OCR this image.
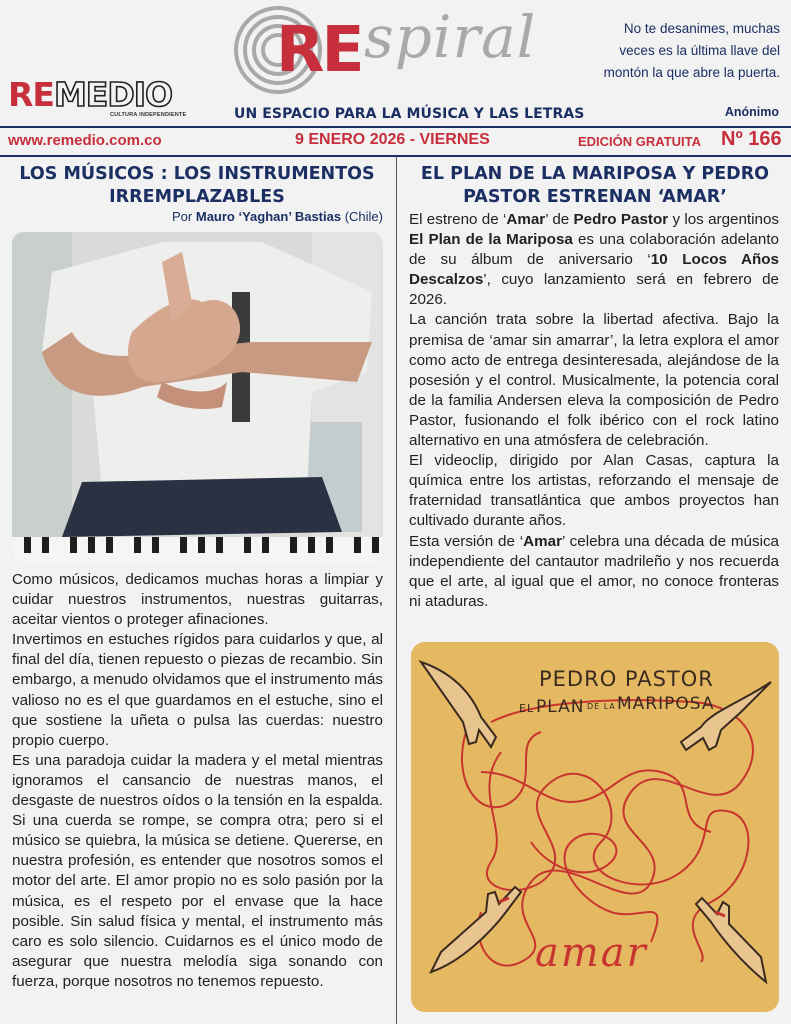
REMEDIO
CULTURA INDEPENDIENTE
RE spiral
UN ESPACIO PARA LA MÚSICA Y LAS LETRAS
No te desanimes, muchas veces es la última llave del montón la que abre la puerta.
Anónimo
www.remedio.com.co	9 ENERO 2026 - VIERNES	EDICIÓN GRATUITA Nº 166
LOS MÚSICOS : LOS INSTRUMENTOS IRREMPLAZABLES
Por Mauro ‘Yaghan’ Bastias (Chile)

Como músicos, dedicamos muchas horas a limpiar y cuidar nuestros instrumentos, nuestras guitarras, aceitar vientos o proteger afinaciones.

Invertimos en estuches rígidos para cuidarlos y que, al final del día, tienen repuesto o piezas de recambio. Sin embargo, a menudo olvidamos que el instrumento más valioso no es el que guardamos en el estuche, sino el que sostiene la uñeta o pulsa las cuerdas: nuestro propio cuerpo.

Es una paradoja cuidar la madera y el metal mientras ignoramos el cansancio de nuestras manos, el desgaste de nuestros oídos o la tensión en la espalda. Si una cuerda se rompe, se compra otra; pero si el músico se quiebra, la música se detiene. Quererse, en nuestra profesión, es entender que nosotros somos el motor del arte. El amor propio no es solo pasión por la música, es el respeto por el envase que la hace posible. Sin salud física y mental, el instrumento más caro es solo silencio. Cuidarnos es el único modo de asegurar que nuestra melodía siga sonando con fuerza, porque nosotros no tenemos repuesto.

EL PLAN DE LA MARIPOSA Y PEDRO PASTOR ESTRENAN ‘AMAR’

El estreno de ‘Amar’ de Pedro Pastor y los argentinos El Plan de la Mariposa es una colaboración adelanto de su álbum de aniversario ‘10 Locos Años Descalzos’, cuyo lanzamiento será en febrero de 2026.

La canción trata sobre la libertad afectiva. Bajo la premisa de ‘amar sin amarrar’, la letra explora el amor como acto de entrega desinteresada, alejándose de la posesión y el control. Musicalmente, la potencia coral de la familia Andersen eleva la composición de Pedro Pastor, fusionando el folk ibérico con el rock latino alternativo en una atmósfera de celebración.

El videoclip, dirigido por Alan Casas, captura la química entre los artistas, reforzando el mensaje de fraternidad transatlántica que ambos proyectos han cultivado durante años.

Esta versión de ‘Amar’ celebra una década de música independiente del cantautor madrileño y nos recuerda que el arte, al igual que el amor, no conoce fronteras ni ataduras.

PEDRO PASTOR
EL PLAN DE LA MARIPOSA
amar
